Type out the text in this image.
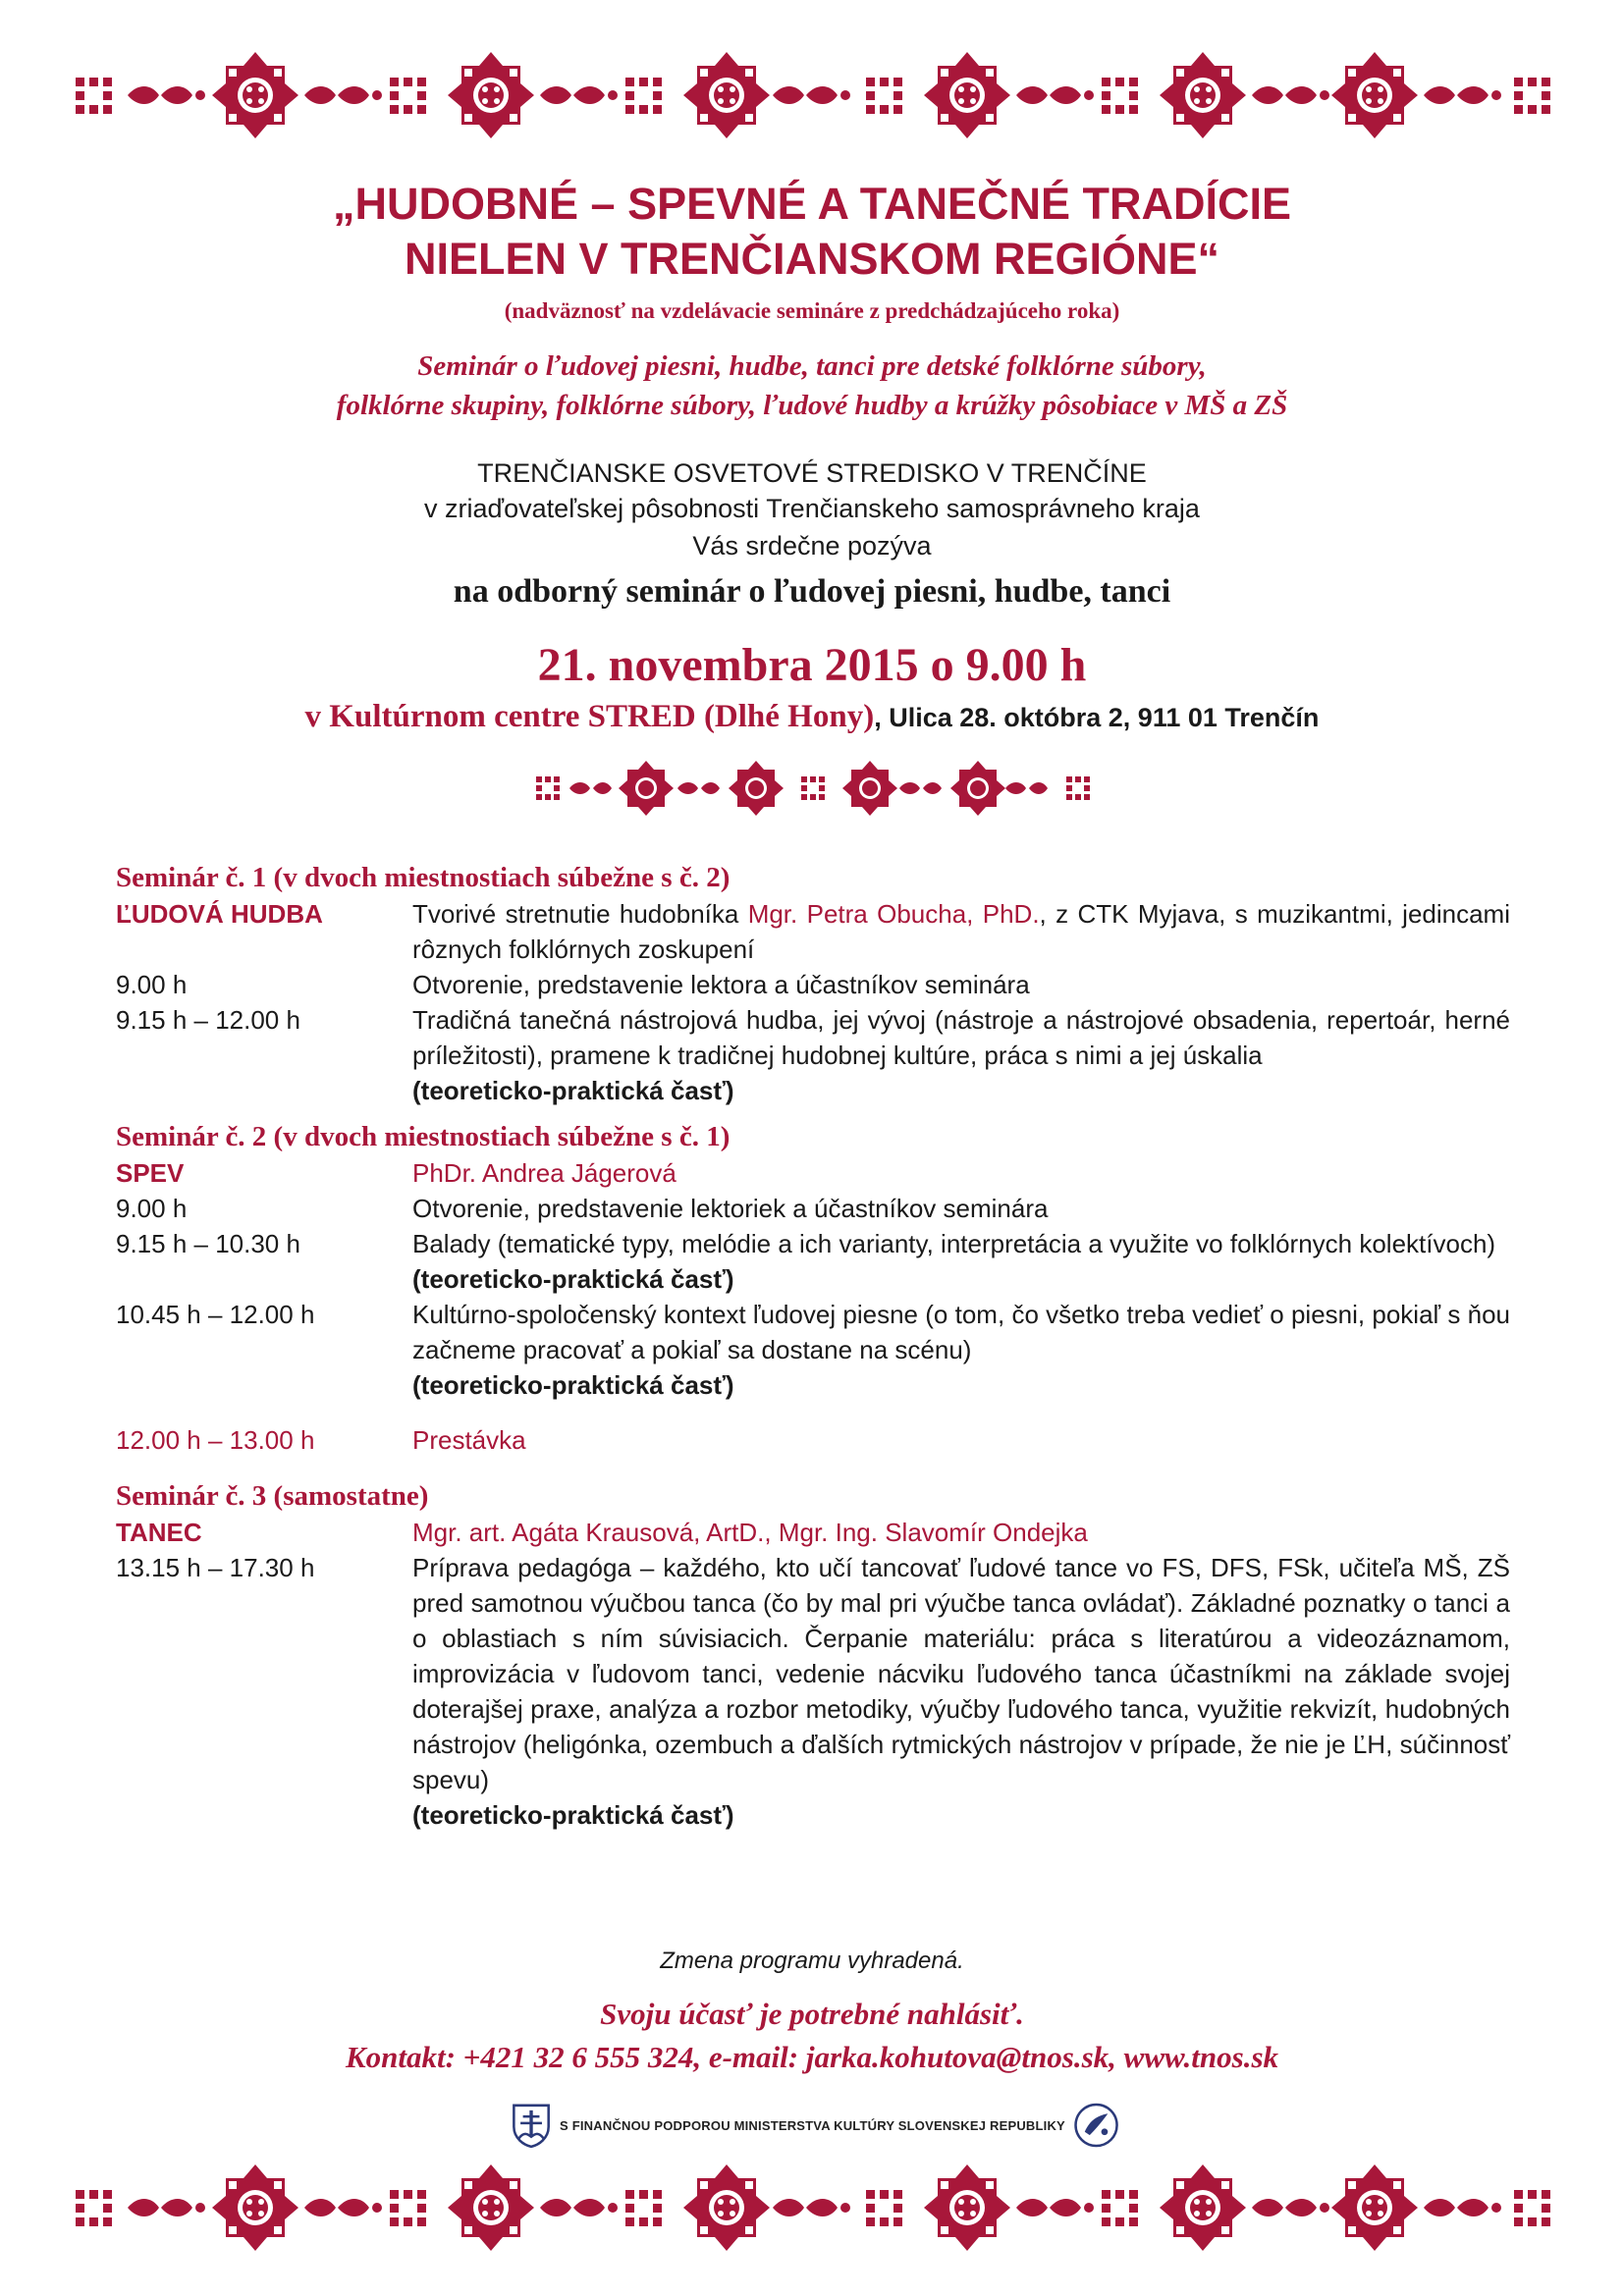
„HUDOBNÉ – SPEVNÉ A TANEČNÉ TRADÍCIE
NIELEN V TRENČIANSKOM REGIÓNE“
(nadväznosť na vzdelávacie semináre z predchádzajúceho roka)
Seminár o ľudovej piesni, hudbe, tanci pre detské folklórne súbory,
folklórne skupiny, folklórne súbory, ľudové hudby a krúžky pôsobiace v MŠ a ZŠ
TRENČIANSKE OSVETOVÉ STREDISKO V TRENČÍNE
v zriaďovateľskej pôsobnosti Trenčianskeho samosprávneho kraja
Vás srdečne pozýva
na odborný seminár o ľudovej piesni, hudbe, tanci
21. novembra 2015 o 9.00 h
v Kultúrnom centre STRED (Dlhé Hony), Ulica 28. októbra 2, 911 01 Trenčín
Seminár č. 1 (v dvoch miestnostiach súbežne s č. 2)
ĽUDOVÁ HUDBA	Tvorivé stretnutie hudobníka Mgr. Petra Obucha, PhD., z CTK Myjava, s muzikantmi, jedincami rôznych folklórnych zoskupení
9.00 h	Otvorenie, predstavenie lektora a účastníkov seminára
9.15 h – 12.00 h	Tradičná tanečná nástrojová hudba, jej vývoj (nástroje a nástrojové obsadenia, repertoár, herné príležitosti), pramene k tradičnej hudobnej kultúre, práca s nimi a jej úskalia
(teoreticko-praktická časť)
Seminár č. 2 (v dvoch miestnostiach súbežne s č. 1)
SPEV	PhDr. Andrea Jágerová
9.00 h	Otvorenie, predstavenie lektoriek a účastníkov seminára
9.15 h – 10.30 h	Balady (tematické typy, melódie a ich varianty, interpretácia a využite vo folklórnych kolektívoch)
(teoreticko-praktická časť)
10.45 h – 12.00 h	Kultúrno-spoločenský kontext ľudovej piesne (o tom, čo všetko treba vedieť o piesni, pokiaľ s ňou začneme pracovať a pokiaľ sa dostane na scénu)
(teoreticko-praktická časť)
12.00 h – 13.00 h	Prestávka
Seminár č. 3 (samostatne)
TANEC	Mgr. art. Agáta Krausová, ArtD., Mgr. Ing. Slavomír Ondejka
13.15 h – 17.30 h	Príprava pedagóga – každého, kto učí tancovať ľudové tance vo FS, DFS, FSk, učiteľa MŠ, ZŠ pred samotnou výučbou tanca (čo by mal pri výučbe tanca ovládať). Základné poznatky o tanci a o oblastiach s ním súvisiacich. Čerpanie materiálu: práca s literatúrou a videozáznamom, improvizácia v ľudovom tanci, vedenie nácviku ľudového tanca účastníkmi na základe svojej doterajšej praxe, analýza a rozbor metodiky, výučby ľudového tanca, využitie rekvizít, hudobných nástrojov (heligónka, ozembuch a ďalších rytmických nástrojov v prípade, že nie je ĽH, súčinnosť spevu)
(teoreticko-praktická časť)
Zmena programu vyhradená.
Svoju účasť je potrebné nahlásiť.
Kontakt: +421 32 6 555 324, e-mail: jarka.kohutova@tnos.sk, www.tnos.sk
S FINANČNOU PODPOROU MINISTERSTVA KULTÚRY SLOVENSKEJ REPUBLIKY
